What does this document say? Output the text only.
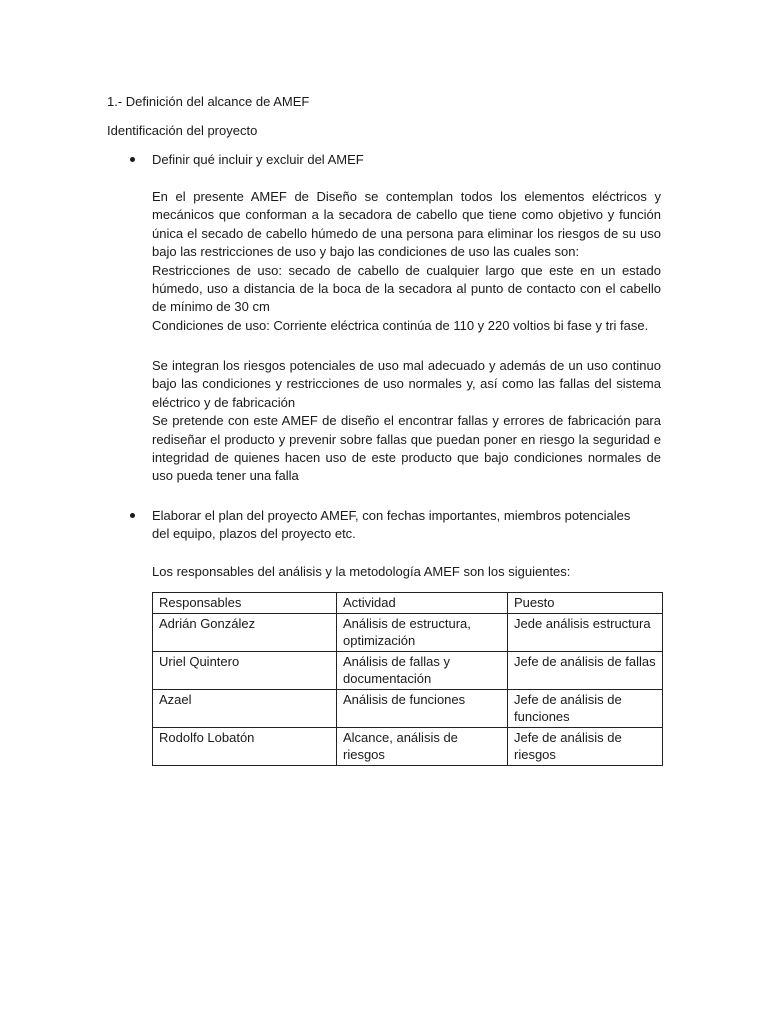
1.- Definición del alcance de AMEF
Identificación del proyecto
Definir qué incluir y excluir del AMEF

En el presente AMEF de Diseño se contemplan todos los elementos eléctricos y mecánicos que conforman a la secadora de cabello que tiene como objetivo y función única el secado de cabello húmedo de una persona para eliminar los riesgos de su uso bajo las restricciones de uso y bajo las condiciones de uso las cuales son:

Restricciones de uso: secado de cabello de cualquier largo que este en un estado húmedo, uso a distancia de la boca de la secadora al punto de contacto con el cabello de mínimo de 30 cm

Condiciones de uso: Corriente eléctrica continúa de 110 y 220 voltios bi fase y tri fase.

Se integran los riesgos potenciales de uso mal adecuado y además de un uso continuo bajo las condiciones y restricciones de uso normales y, así como las fallas del sistema eléctrico y de fabricación

Se pretende con este AMEF de diseño el encontrar fallas y errores de fabricación para rediseñar el producto y prevenir sobre fallas que puedan poner en riesgo la seguridad e integridad de quienes hacen uso de este producto que bajo condiciones normales de uso pueda tener una falla

Elaborar el plan del proyecto AMEF, con fechas importantes, miembros potenciales del equipo, plazos del proyecto etc.
Los responsables del análisis y la metodología AMEF son los siguientes:
Responsables	Actividad	Puesto
Adrián González	Análisis de estructura, optimización	Jede análisis estructura
Uriel Quintero	Análisis de fallas y documentación	Jefe de análisis de fallas
Azael	Análisis de funciones	Jefe de análisis de funciones
Rodolfo Lobatón	Alcance, análisis de riesgos	Jefe de análisis de riesgos
